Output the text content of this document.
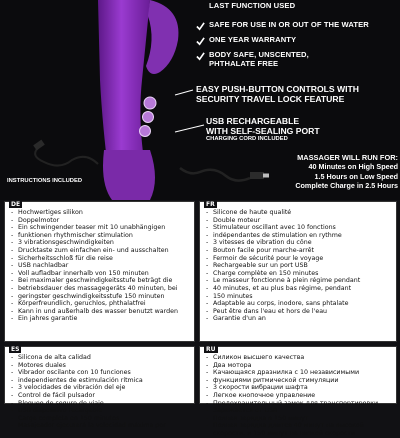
LAST FUNCTION USED
SAFE FOR USE IN OR OUT OF THE WATER
ONE YEAR WARRANTY
BODY SAFE, UNSCENTED,
PHTHALATE FREE
EASY PUSH-BUTTON CONTROLS WITH
SECURITY TRAVEL LOCK FEATURE
USB RECHARGEABLE
WITH SELF-SEALING PORT
CHARGING CORD INCLUDED
MASSAGER WILL RUN FOR:
40 Minutes on High Speed
1.5 Hours on Low Speed
Complete Charge in 2.5 Hours
INSTRUCTIONS INCLUDED
DE
- Hochwertiges silikon
- Doppelmotor
- Ein schwingender teaser mit 10 unabhängigen
- funktionen rhythmischer stimulation
- 3 vibrationsgeschwindigkeiten
- Drucktaste zum einfachen ein- und ausschalten
- Sicherheitsschloß für die reise
- USB nachladbar
- Voll aufladbar innerhalb von 150 minuten
- Bei maximaler geschwindigkeitsstufe beträgt die
- betriebsdauer des massagegeräts 40 minuten, bei
- geringster geschwindigkeitsstufe 150 minuten
- Körperfreundlich, geruchlos, phthalatfrei
- Kann in und außerhalb des wasser benutzt warden
- Ein jahres garantie
FR
- Silicone de haute qualité
- Double moteur
- Stimulateur oscillant avec 10 fonctions
- indépendantes de stimulation en rythme
- 3 vitesses de vibration du cône
- Bouton facile pour marche-arrêt
- Fermoir de sécurité pour le voyage
- Rechargeable sur un port USB
- Charge complète en 150 minutes
- Le masseur fonctionne à plein régime pendant
- 40 minutes, et au plus bas régime, pendant
- 150 minutes
- Adaptable au corps, inodore, sans phtalate
- Peut être dans l'eau et hors de l'eau
- Garantie d'un an
ES
- Silicona de alta calidad
- Motores duales
- Vibrador oscilante con 10 funciones
- independientes de estimulación rítmica
- 3 velocidades de vibración del eje
- Control de fácil pulsador
- Bloqueo de seguro de viaje
- USB dispositivo recargable
- Carga completa en 150 minutos
- Masajeador ejecutará la velocidad máxima por
RU
- Силикон высшего качества
- Два мотора
- Качающаяся дразнилка с 10 независимыми
- функциями ритмической стимуляции
- 3 скорости вибрации шафта
- Легкое кнопочное управление
- Предохранительный замок для транспортировки
- Заряжается от USB
- Полная зарядка в 150 минут
- Полная зарядка длится 40 минут на высокой
- скорости, и 150 минут на низкой скорости
